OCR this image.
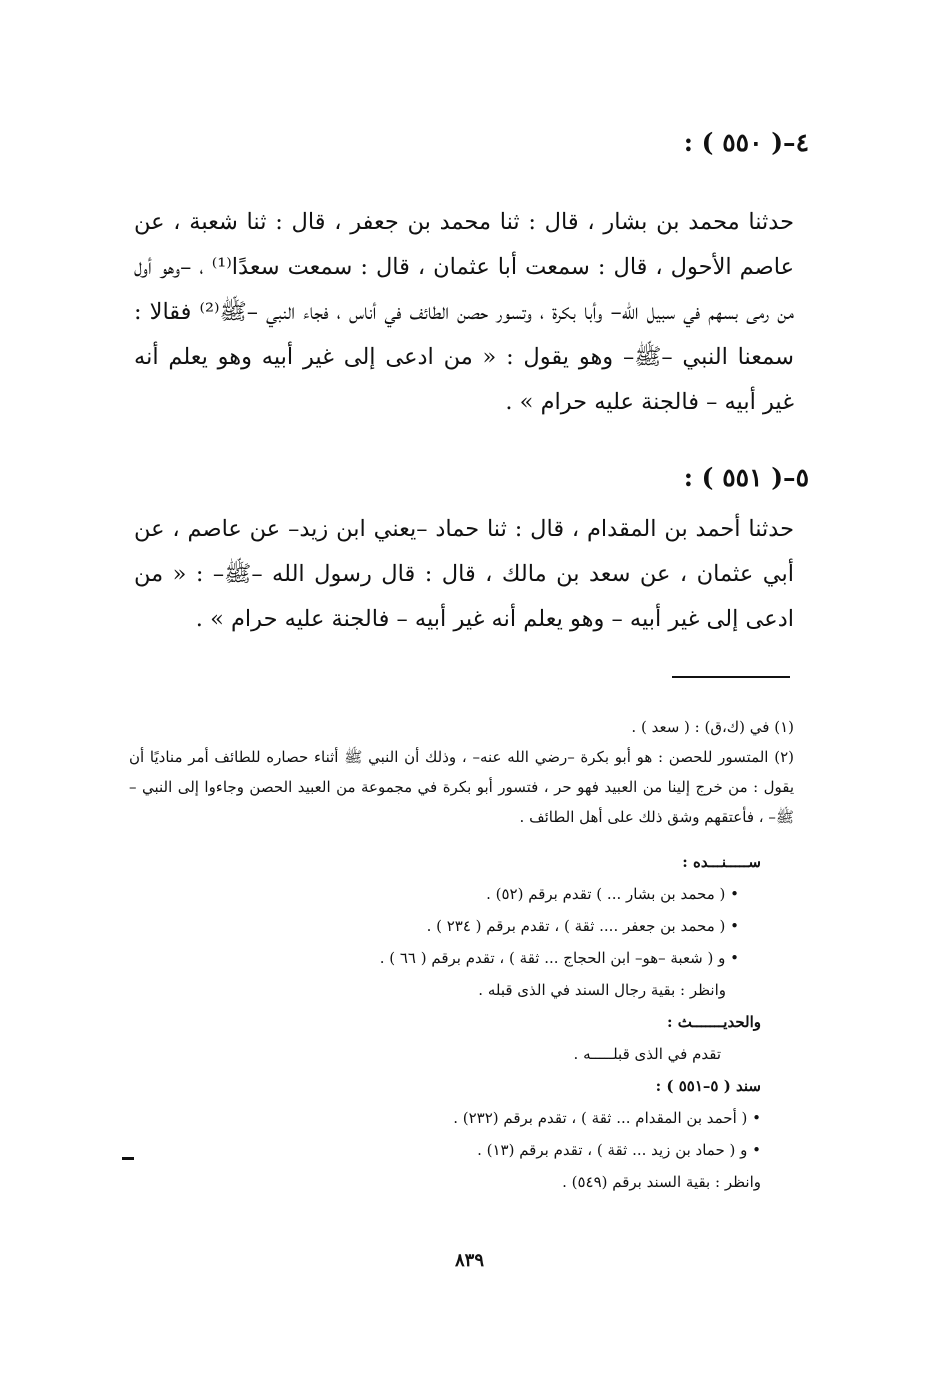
٤–( ٥٥٠ ) :

حدثنا محمد بن بشار ، قال : ثنا محمد بن جعفر ، قال : ثنا شعبة ، عن عاصم الأحول ، قال : سمعت أبا عثمان ، قال : سمعت سعدًا⁽¹⁾ ، –وهو أول من رمى بسهم في سبيل الله– وأبا بكرة ، وتسور حصن الطائف في أناس ، فجاء النبي –ﷺ⁽²⁾ فقالا : سمعنا النبي –ﷺ– وهو يقول : « من ادعى إلى غير أبيه وهو يعلم أنه غير أبيه – فالجنة عليه حرام » .

٥–( ٥٥١ ) :

حدثنا أحمد بن المقدام ، قال : ثنا حماد –يعني ابن زيد– عن عاصم ، عن أبي عثمان ، عن سعد بن مالك ، قال : قال رسول الله –ﷺ– : « من ادعى إلى غير أبيه – وهو يعلم أنه غير أبيه – فالجنة عليه حرام » .

(١) في (ك،ق) : ( سعد ) .

(٢) المتسور للحصن : هو أبو بكرة –رضي الله عنه– ، وذلك أن النبي ﷺ أثناء حصاره للطائف أمر مناديًا أن يقول : من خرج إلينا من العبيد فهو حر ، فتسور أبو بكرة في مجموعة من العبيد الحصن وجاءوا إلى النبي –ﷺ– ، فأعتقهم وشق ذلك على أهل الطائف .

ســـــنـــده :
• ( محمد بن بشار ... ) تقدم برقم (٥٢) .
• ( محمد بن جعفر .... ثقة ) ، تقدم برقم ( ٢٣٤ ) .
• و ( شعبة –هو– ابن الحجاج ... ثقة ) ، تقدم برقم ( ٦٦ ) .
وانظر : بقية رجال السند في الذى قبله .
والحديـــــــث :
تقدم في الذى قبلـــــه .
سند ( ٥–٥٥١ ) :
• ( أحمد بن المقدام ... ثقة ) ، تقدم برقم (٢٣٢) .
• و ( حماد بن زيد ... ثقة ) ، تقدم برقم (١٣) .
وانظر : بقية السند برقم (٥٤٩) .
٨٣٩
